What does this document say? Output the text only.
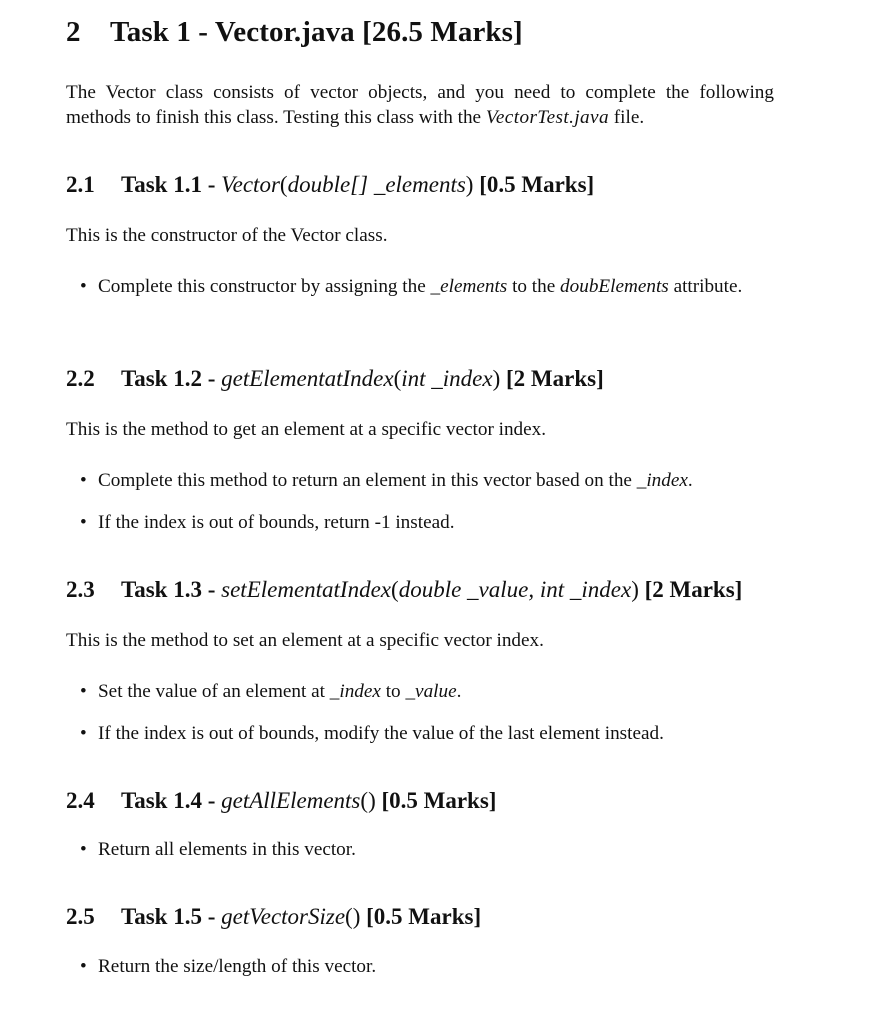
2 Task 1 - Vector.java [26.5 Marks]
The Vector class consists of vector objects, and you need to complete the following methods to finish this class. Testing this class with the VectorTest.java file.
2.1 Task 1.1 - Vector(double[] _elements) [0.5 Marks]
This is the constructor of the Vector class.
• Complete this constructor by assigning the _elements to the doubElements attribute.
2.2 Task 1.2 - getElementatIndex(int _index) [2 Marks]
This is the method to get an element at a specific vector index.
• Complete this method to return an element in this vector based on the _index.
• If the index is out of bounds, return -1 instead.
2.3 Task 1.3 - setElementatIndex(double _value, int _index) [2 Marks]
This is the method to set an element at a specific vector index.
• Set the value of an element at _index to _value.
• If the index is out of bounds, modify the value of the last element instead.
2.4 Task 1.4 - getAllElements() [0.5 Marks]
• Return all elements in this vector.
2.5 Task 1.5 - getVectorSize() [0.5 Marks]
• Return the size/length of this vector.
